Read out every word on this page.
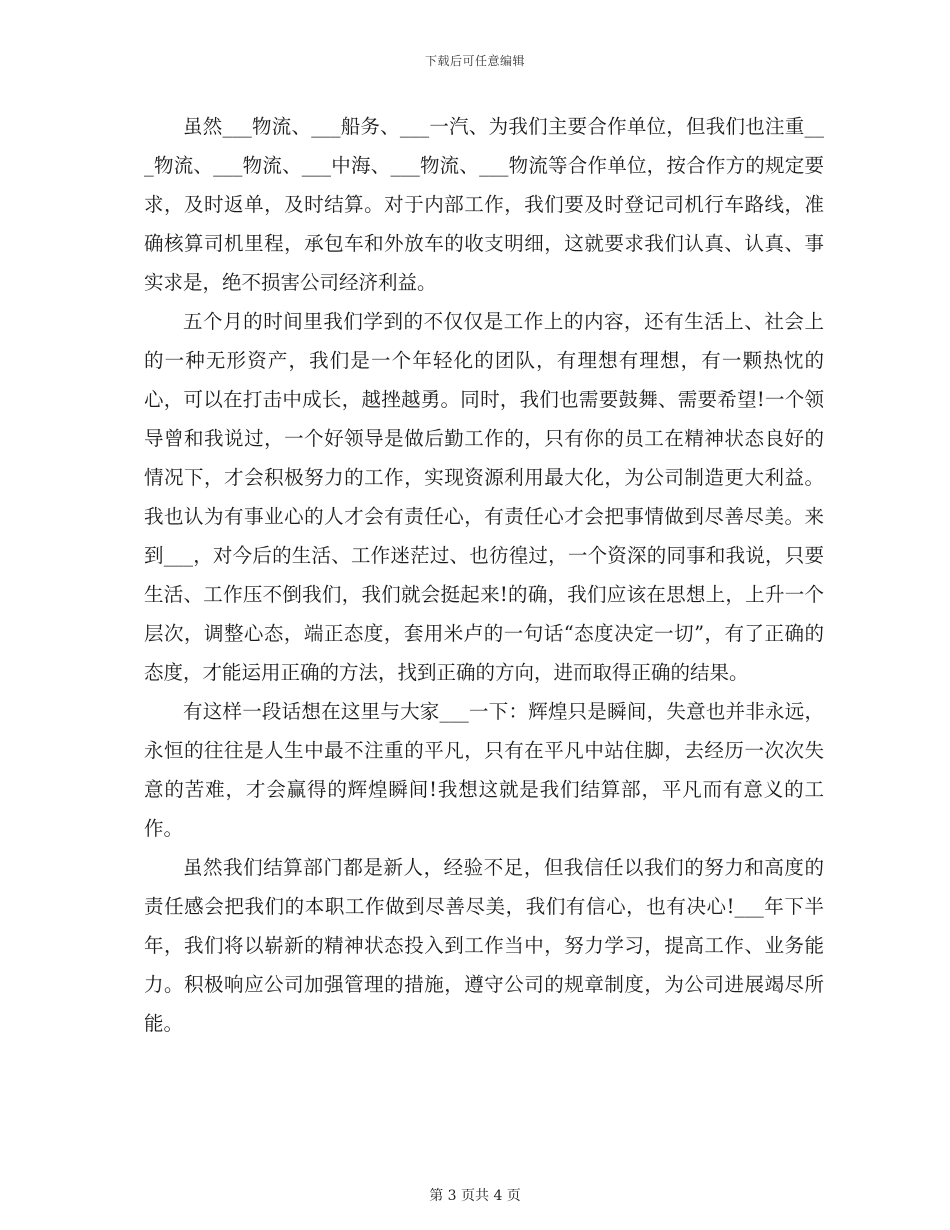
下载后可任意编辑

虽然___物流、___船务、___一汽、为我们主要合作单位，但我们也注重___物流、___物流、___中海、___物流、___物流等合作单位，按合作方的规定要求，及时返单，及时结算。对于内部工作，我们要及时登记司机行车路线，准确核算司机里程，承包车和外放车的收支明细，这就要求我们认真、认真、事实求是，绝不损害公司经济利益。

五个月的时间里我们学到的不仅仅是工作上的内容，还有生活上、社会上的一种无形资产，我们是一个年轻化的团队，有理想有理想，有一颗热忱的心，可以在打击中成长，越挫越勇。同时，我们也需要鼓舞、需要希望!一个领导曾和我说过，一个好领导是做后勤工作的，只有你的员工在精神状态良好的情况下，才会积极努力的工作，实现资源利用最大化，为公司制造更大利益。我也认为有事业心的人才会有责任心，有责任心才会把事情做到尽善尽美。来到___，对今后的生活、工作迷茫过、也彷徨过，一个资深的同事和我说，只要生活、工作压不倒我们，我们就会挺起来!的确，我们应该在思想上，上升一个层次，调整心态，端正态度，套用米卢的一句话“态度决定一切”，有了正确的态度，才能运用正确的方法，找到正确的方向，进而取得正确的结果。

有这样一段话想在这里与大家___一下：辉煌只是瞬间，失意也并非永远，永恒的往往是人生中最不注重的平凡，只有在平凡中站住脚，去经历一次次失意的苦难，才会赢得的辉煌瞬间!我想这就是我们结算部，平凡而有意义的工作。

虽然我们结算部门都是新人，经验不足，但我信任以我们的努力和高度的责任感会把我们的本职工作做到尽善尽美，我们有信心，也有决心!___年下半年，我们将以崭新的精神状态投入到工作当中，努力学习，提高工作、业务能力。积极响应公司加强管理的措施，遵守公司的规章制度，为公司进展竭尽所能。

第 3 页共 4 页
